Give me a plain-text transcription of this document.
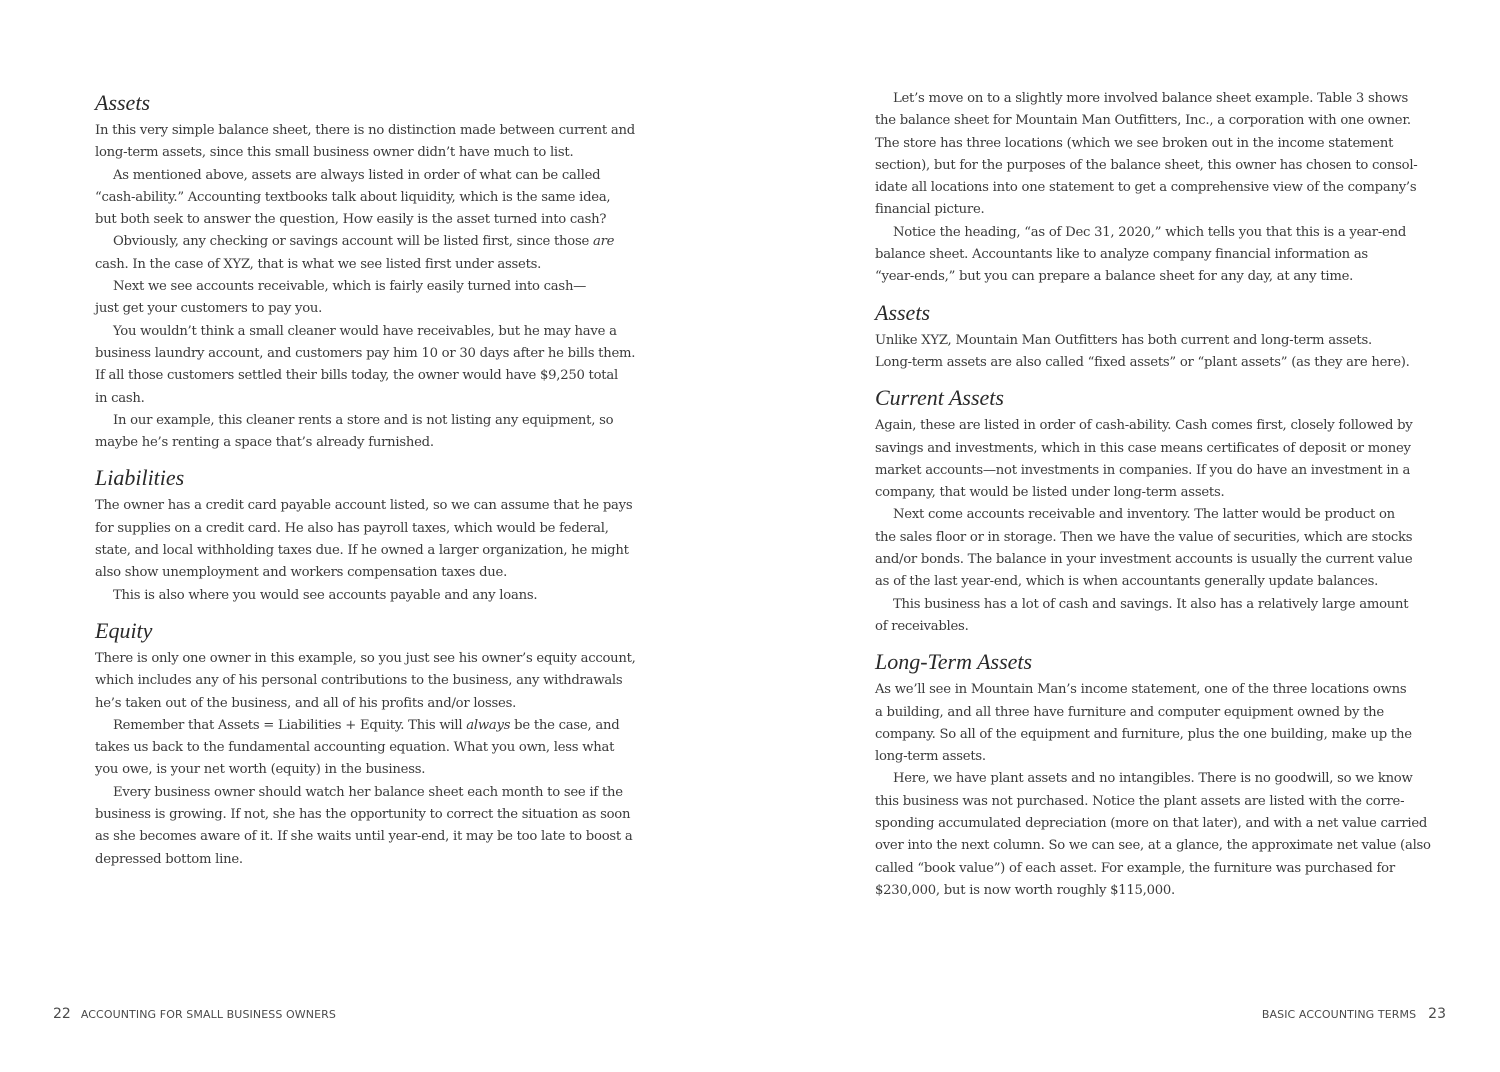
Assets
In this very simple balance sheet, there is no distinction made between current and
long-term assets, since this small business owner didn’t have much to list.
As mentioned above, assets are always listed in order of what can be called
“cash-ability.” Accounting textbooks talk about liquidity, which is the same idea,
but both seek to answer the question, How easily is the asset turned into cash?
Obviously, any checking or savings account will be listed first, since those are
cash. In the case of XYZ, that is what we see listed first under assets.
Next we see accounts receivable, which is fairly easily turned into cash—
just get your customers to pay you.
You wouldn’t think a small cleaner would have receivables, but he may have a
business laundry account, and customers pay him 10 or 30 days after he bills them.
If all those customers settled their bills today, the owner would have $9,250 total
in cash.
In our example, this cleaner rents a store and is not listing any equipment, so
maybe he’s renting a space that’s already furnished.
Liabilities
The owner has a credit card payable account listed, so we can assume that he pays
for supplies on a credit card. He also has payroll taxes, which would be federal,
state, and local withholding taxes due. If he owned a larger organization, he might
also show unemployment and workers compensation taxes due.
This is also where you would see accounts payable and any loans.
Equity
There is only one owner in this example, so you just see his owner’s equity account,
which includes any of his personal contributions to the business, any withdrawals
he’s taken out of the business, and all of his profits and/or losses.
Remember that Assets = Liabilities + Equity. This will always be the case, and
takes us back to the fundamental accounting equation. What you own, less what
you owe, is your net worth (equity) in the business.
Every business owner should watch her balance sheet each month to see if the
business is growing. If not, she has the opportunity to correct the situation as soon
as she becomes aware of it. If she waits until year-end, it may be too late to boost a
depressed bottom line.
22 ACCOUNTING FOR SMALL BUSINESS OWNERS
Let’s move on to a slightly more involved balance sheet example. Table 3 shows
the balance sheet for Mountain Man Outfitters, Inc., a corporation with one owner.
The store has three locations (which we see broken out in the income statement
section), but for the purposes of the balance sheet, this owner has chosen to consol-
idate all locations into one statement to get a comprehensive view of the company’s
financial picture.
Notice the heading, “as of Dec 31, 2020,” which tells you that this is a year-end
balance sheet. Accountants like to analyze company financial information as
“year-ends,” but you can prepare a balance sheet for any day, at any time.
Assets
Unlike XYZ, Mountain Man Outfitters has both current and long-term assets.
Long-term assets are also called “fixed assets” or “plant assets” (as they are here).
Current Assets
Again, these are listed in order of cash-ability. Cash comes first, closely followed by
savings and investments, which in this case means certificates of deposit or money
market accounts—not investments in companies. If you do have an investment in a
company, that would be listed under long-term assets.
Next come accounts receivable and inventory. The latter would be product on
the sales floor or in storage. Then we have the value of securities, which are stocks
and/or bonds. The balance in your investment accounts is usually the current value
as of the last year-end, which is when accountants generally update balances.
This business has a lot of cash and savings. It also has a relatively large amount
of receivables.
Long-Term Assets
As we’ll see in Mountain Man’s income statement, one of the three locations owns
a building, and all three have furniture and computer equipment owned by the
company. So all of the equipment and furniture, plus the one building, make up the
long-term assets.
Here, we have plant assets and no intangibles. There is no goodwill, so we know
this business was not purchased. Notice the plant assets are listed with the corre-
sponding accumulated depreciation (more on that later), and with a net value carried
over into the next column. So we can see, at a glance, the approximate net value (also
called “book value”) of each asset. For example, the furniture was purchased for
$230,000, but is now worth roughly $115,000.
BASIC ACCOUNTING TERMS 23
